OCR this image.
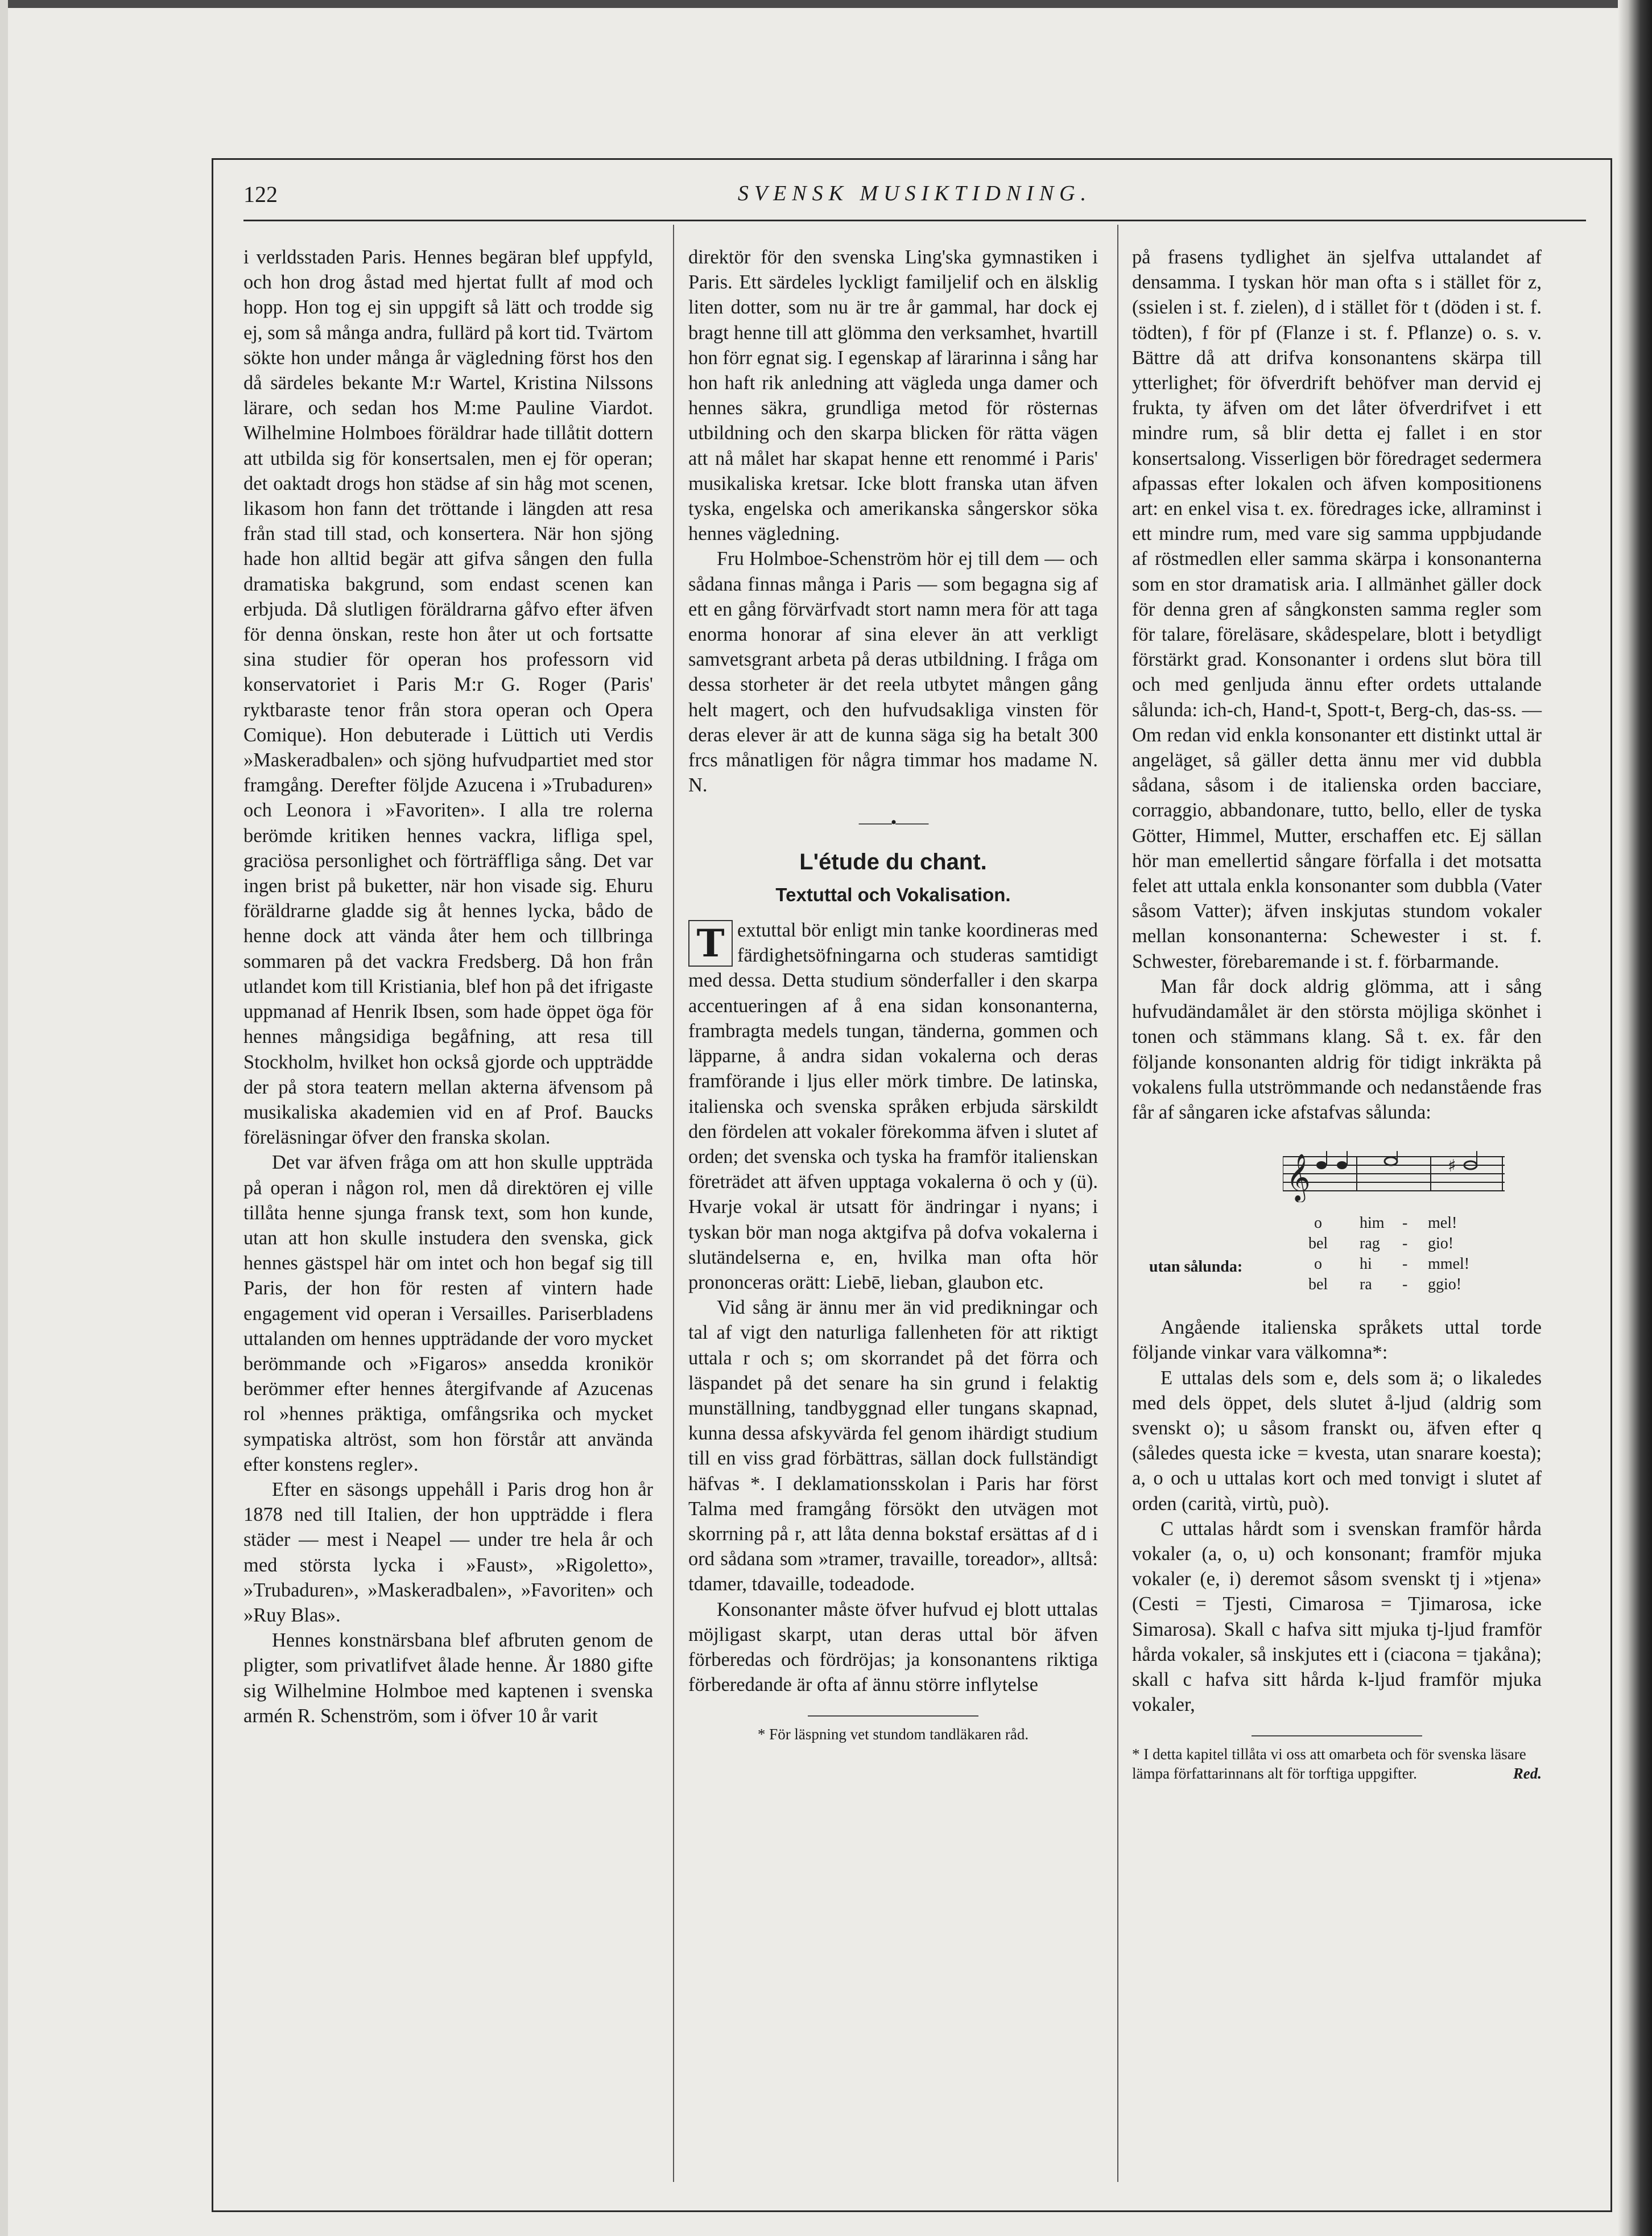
122	SVENSK MUSIKTIDNING.

i verldsstaden Paris. Hennes begäran blef uppfyld, och hon drog åstad med hjertat fullt af mod och hopp. Hon tog ej sin uppgift så lätt och trodde sig ej, som så många andra, fullärd på kort tid. Tvärtom sökte hon under många år vägledning först hos den då särdeles bekante M:r Wartel, Kristina Nilssons lärare, och sedan hos M:me Pauline Viardot. Wilhelmine Holmboes föräldrar hade tillåtit dottern att utbilda sig för konsertsalen, men ej för operan; det oaktadt drogs hon städse af sin håg mot scenen, likasom hon fann det tröttande i längden att resa från stad till stad, och konsertera. När hon sjöng hade hon alltid begär att gifva sången den fulla dramatiska bakgrund, som endast scenen kan erbjuda. Då slutligen föräldrarna gåfvo efter äfven för denna önskan, reste hon åter ut och fortsatte sina studier för operan hos professorn vid konservatoriet i Paris M:r G. Roger (Paris' ryktbaraste tenor från stora operan och Opera Comique). Hon debuterade i Lüttich uti Verdis »Maskeradbalen» och sjöng hufvudpartiet med stor framgång. Derefter följde Azucena i »Trubaduren» och Leonora i »Favoriten». I alla tre rolerna berömde kritiken hennes vackra, lifliga spel, graciösa personlighet och förträffliga sång. Det var ingen brist på buketter, när hon visade sig. Ehuru föräldrarne gladde sig åt hennes lycka, bådo de henne dock att vända åter hem och tillbringa sommaren på det vackra Fredsberg. Då hon från utlandet kom till Kristiania, blef hon på det ifrigaste uppmanad af Henrik Ibsen, som hade öppet öga för hennes mångsidiga begåfning, att resa till Stockholm, hvilket hon också gjorde och uppträdde der på stora teatern mellan akterna äfvensom på musikaliska akademien vid en af Prof. Baucks föreläsningar öfver den franska skolan.

Det var äfven fråga om att hon skulle uppträda på operan i någon rol, men då direktören ej ville tillåta henne sjunga fransk text, som hon kunde, utan att hon skulle instudera den svenska, gick hennes gästspel här om intet och hon begaf sig till Paris, der hon för resten af vintern hade engagement vid operan i Versailles. Pariserbladens uttalanden om hennes uppträdande der voro mycket berömmande och »Figaros» ansedda kronikör berömmer efter hennes återgifvande af Azucenas rol »hennes präktiga, omfångsrika och mycket sympatiska altröst, som hon förstår att använda efter konstens regler».

Efter en säsongs uppehåll i Paris drog hon år 1878 ned till Italien, der hon uppträdde i flera städer — mest i Neapel — under tre hela år och med största lycka i »Faust», »Rigoletto», »Trubaduren», »Maskeradbalen», »Favoriten» och »Ruy Blas».

Hennes konstnärsbana blef afbruten genom de pligter, som privatlifvet ålade henne. År 1880 gifte sig Wilhelmine Holmboe med kaptenen i svenska armén R. Schenström, som i öfver 10 år varit

direktör för den svenska Ling'ska gymnastiken i Paris. Ett särdeles lyckligt familjelif och en älsklig liten dotter, som nu är tre år gammal, har dock ej bragt henne till att glömma den verksamhet, hvartill hon förr egnat sig. I egenskap af lärarinna i sång har hon haft rik anledning att vägleda unga damer och hennes säkra, grundliga metod för rösternas utbildning och den skarpa blicken för rätta vägen att nå målet har skapat henne ett renommé i Paris' musikaliska kretsar. Icke blott franska utan äfven tyska, engelska och amerikanska sångerskor söka hennes vägledning.

Fru Holmboe-Schenström hör ej till dem — och sådana finnas många i Paris — som begagna sig af ett en gång förvärfvadt stort namn mera för att taga enorma honorar af sina elever än att verkligt samvetsgrant arbeta på deras utbildning. I fråga om dessa storheter är det reela utbytet mången gång helt magert, och den hufvudsakliga vinsten för deras elever är att de kunna säga sig ha betalt 300 frcs månatligen för några timmar hos madame N. N.

——•——
L'étude du chant.
Textuttal och Vokalisation.

T extuttal bör enligt min tanke koordineras med färdighetsöfningarna och studeras samtidigt med dessa. Detta studium sönderfaller i den skarpa accentueringen af å ena sidan konsonanterna, frambragta medels tungan, tänderna, gommen och läpparne, å andra sidan vokalerna och deras framförande i ljus eller mörk timbre. De latinska, italienska och svenska språken erbjuda särskildt den fördelen att vokaler förekomma äfven i slutet af orden; det svenska och tyska ha framför italienskan företrädet att äfven upptaga vokalerna ö och y (ü). Hvarje vokal är utsatt för ändringar i nyans; i tyskan bör man noga aktgifva på dofva vokalerna i slutändelserna e, en, hvilka man ofta hör prononceras orätt: Liebē, lieban, glaubon etc.

Vid sång är ännu mer än vid predikningar och tal af vigt den naturliga fallenheten för att riktigt uttala r och s; om skorrandet på det förra och läspandet på det senare ha sin grund i felaktig munställning, tandbyggnad eller tungans skapnad, kunna dessa afskyvärda fel genom ihärdigt studium till en viss grad förbättras, sällan dock fullständigt häfvas *. I deklamationsskolan i Paris har först Talma med framgång försökt den utvägen mot skorrning på r, att låta denna bokstaf ersättas af d i ord sådana som »tramer, travaille, toreador», alltså: tdamer, tdavaille, todeadode.

Konsonanter måste öfver hufvud ej blott uttalas möjligast skarpt, utan deras uttal bör äfven förberedas och fördröjas; ja konsonantens riktiga förberedande är ofta af ännu större inflytelse

* För läspning vet stundom tandläkaren råd.

på frasens tydlighet än sjelfva uttalandet af densamma. I tyskan hör man ofta s i stället för z, (ssielen i st. f. zielen), d i stället för t (döden i st. f. tödten), f för pf (Flanze i st. f. Pflanze) o. s. v. Bättre då att drifva konsonantens skärpa till ytterlighet; för öfverdrift behöfver man dervid ej frukta, ty äfven om det låter öfverdrifvet i ett mindre rum, så blir detta ej fallet i en stor konsertsalong. Visserligen bör föredraget sedermera afpassas efter lokalen och äfven kompositionens art: en enkel visa t. ex. föredrages icke, allraminst i ett mindre rum, med vare sig samma uppbjudande af röstmedlen eller samma skärpa i konsonanterna som en stor dramatisk aria. I allmänhet gäller dock för denna gren af sångkonsten samma regler som för talare, föreläsare, skådespelare, blott i betydligt förstärkt grad. Konsonanter i ordens slut böra till och med genljuda ännu efter ordets uttalande sålunda: ich-ch, Hand-t, Spott-t, Berg-ch, das-ss. — Om redan vid enkla konsonanter ett distinkt uttal är angeläget, så gäller detta ännu mer vid dubbla sådana, såsom i de italienska orden bacciare, corraggio, abbandonare, tutto, bello, eller de tyska Götter, Himmel, Mutter, erschaffen etc. Ej sällan hör man emellertid sångare förfalla i det motsatta felet att uttala enkla konsonanter som dubbla (Vater såsom Vatter); äfven inskjutas stundom vokaler mellan konsonanterna: Schewester i st. f. Schwester, förebaremande i st. f. förbarmande.

Man får dock aldrig glömma, att i sång hufvudändamålet är den största möjliga skönhet i tonen och stämmans klang. Så t. ex. får den följande konsonanten aldrig för tidigt inkräkta på vokalens fulla utströmmande och nedanstående fras får af sångaren icke afstafvas sålunda:

𝄞	♯
o him - mel!
bel rag - gio!
utan sålunda:	o hi - mmel!
bel ra - ggio!

Angående italienska språkets uttal torde följande vinkar vara välkomna*:

E uttalas dels som e, dels som ä; o likaledes med dels öppet, dels slutet å-ljud (aldrig som svenskt o); u såsom franskt ou, äfven efter q (således questa icke = kvesta, utan snarare koesta); a, o och u uttalas kort och med tonvigt i slutet af orden (carità, virtù, può).

C uttalas hårdt som i svenskan framför hårda vokaler (a, o, u) och konsonant; framför mjuka vokaler (e, i) deremot såsom svenskt tj i »tjena» (Cesti = Tjesti, Cimarosa = Tjimarosa, icke Simarosa). Skall c hafva sitt mjuka tj-ljud framför hårda vokaler, så inskjutes ett i (ciacona = tjakåna); skall c hafva sitt hårda k-ljud framför mjuka vokaler,

* I detta kapitel tillåta vi oss att omarbeta och för svenska läsare lämpa författarinnans alt för torftiga uppgifter.	Red.
